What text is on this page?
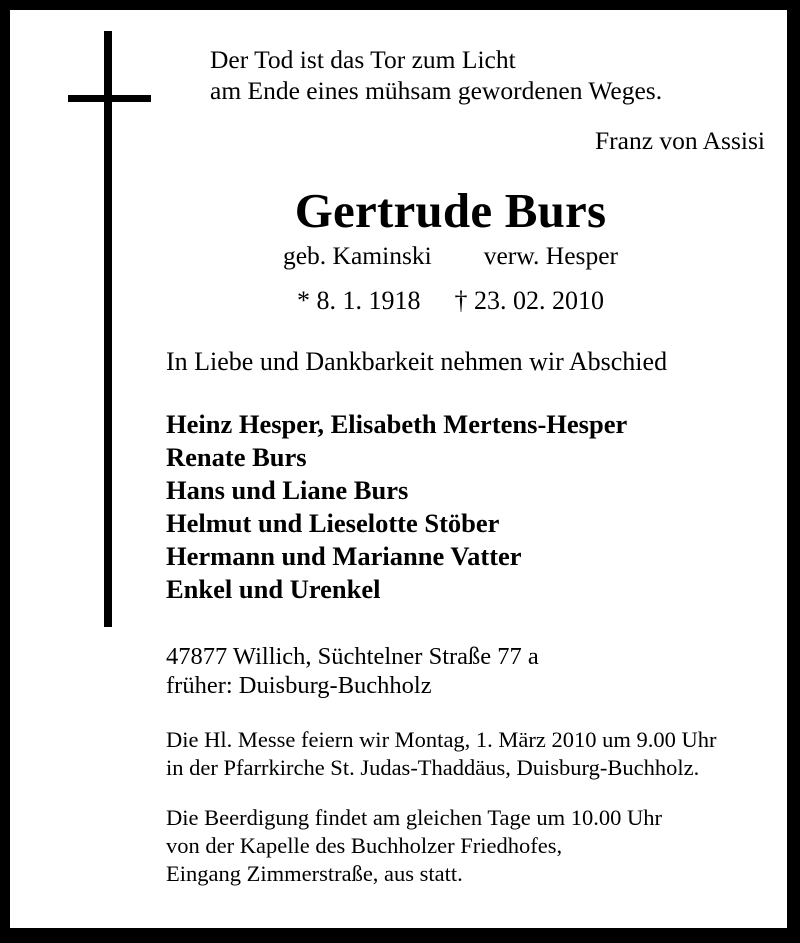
Der Tod ist das Tor zum Licht
am Ende eines mühsam gewordenen Weges.

Franz von Assisi

Gertrude Burs

geb. Kaminski verw. Hesper

* 8. 1. 1918 † 23. 02. 2010

In Liebe und Dankbarkeit nehmen wir Abschied

Heinz Hesper, Elisabeth Mertens-Hesper
Renate Burs
Hans und Liane Burs
Helmut und Lieselotte Stöber
Hermann und Marianne Vatter
Enkel und Urenkel

47877 Willich, Süchtelner Straße 77 a
früher: Duisburg-Buchholz

Die Hl. Messe feiern wir Montag, 1. März 2010 um 9.00 Uhr
in der Pfarrkirche St. Judas-Thaddäus, Duisburg-Buchholz.

Die Beerdigung findet am gleichen Tage um 10.00 Uhr
von der Kapelle des Buchholzer Friedhofes,
Eingang Zimmerstraße, aus statt.
